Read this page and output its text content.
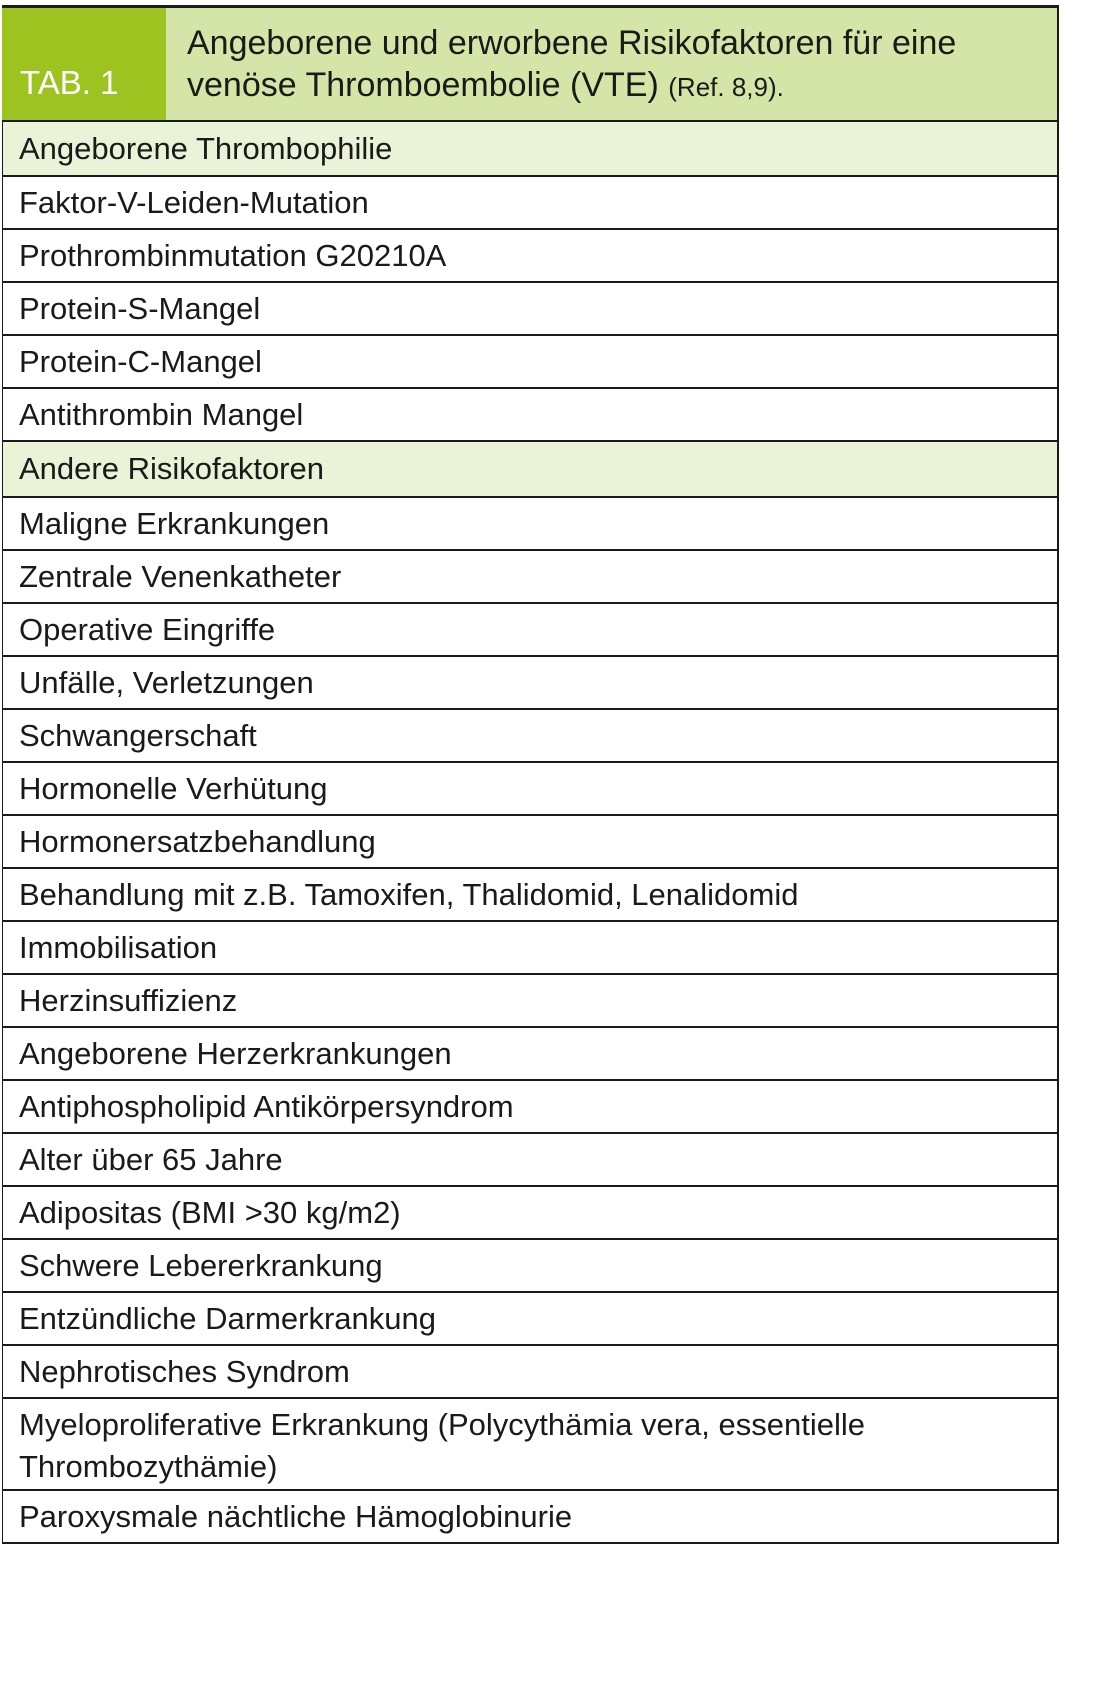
TAB. 1
Angeborene und erworbene Risikofaktoren für eine venöse Thromboembolie (VTE) (Ref. 8,9).
Angeborene Thrombophilie
Faktor-V-Leiden-Mutation
Prothrombinmutation G20210A
Protein-S-Mangel
Protein-C-Mangel
Antithrombin Mangel
Andere Risikofaktoren
Maligne Erkrankungen
Zentrale Venenkatheter
Operative Eingriffe
Unfälle, Verletzungen
Schwangerschaft
Hormonelle Verhütung
Hormonersatzbehandlung
Behandlung mit z.B. Tamoxifen, Thalidomid, Lenalidomid
Immobilisation
Herzinsuffizienz
Angeborene Herzerkrankungen
Antiphospholipid Antikörpersyndrom
Alter über 65 Jahre
Adipositas (BMI >30 kg/m2)
Schwere Lebererkrankung
Entzündliche Darmerkrankung
Nephrotisches Syndrom
Myeloproliferative Erkrankung (Polycythämia vera, essentielle Thrombozythämie)
Paroxysmale nächtliche Hämoglobinurie
